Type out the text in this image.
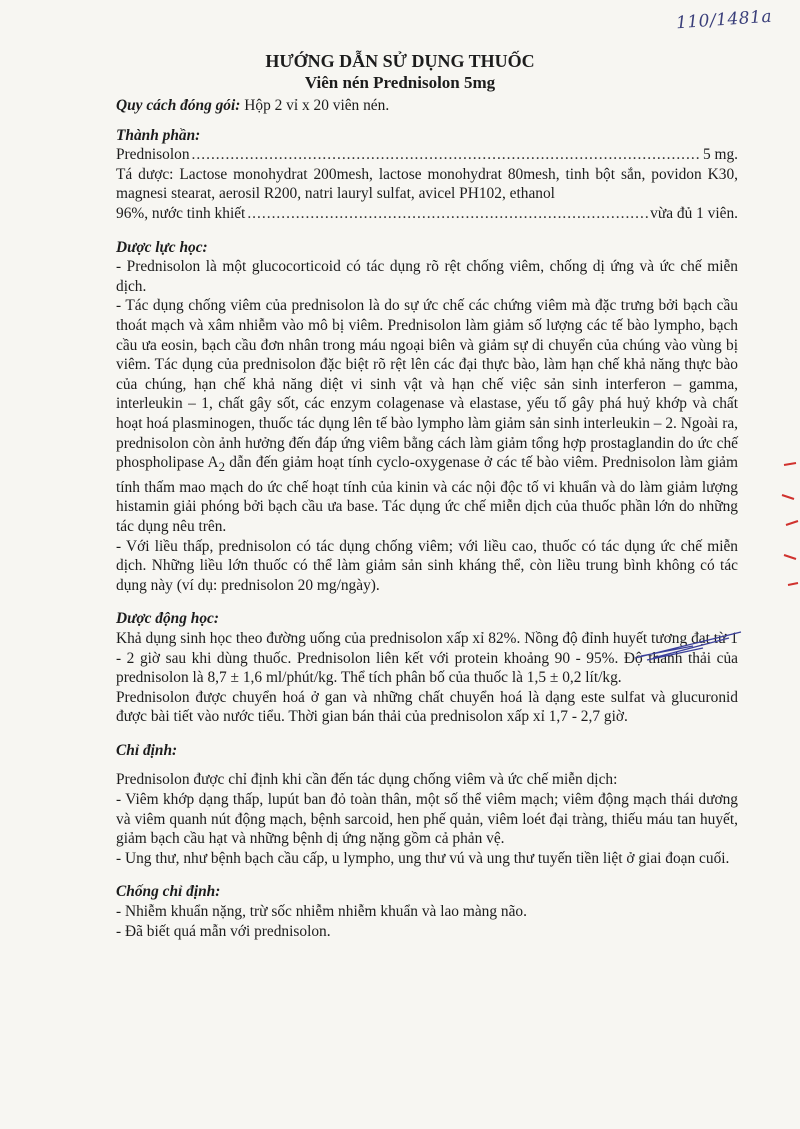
110/1481a
HƯỚNG DẪN SỬ DỤNG THUỐC
Viên nén Prednisolon 5mg

Quy cách đóng gói: Hộp 2 vỉ x 20 viên nén.

Thành phần:

Prednisolon .....	5 mg.

Tá dược: Lactose monohydrat 200mesh, lactose monohydrat 80mesh, tinh bột sắn, povidon K30, magnesi stearat, aerosil R200, natri lauryl sulfat, avicel PH102, ethanol

96%, nước tinh khiết .....	vừa đủ 1 viên.

Dược lực học:

- Prednisolon là một glucocorticoid có tác dụng rõ rệt chống viêm, chống dị ứng và ức chế miễn dịch.

- Tác dụng chống viêm của prednisolon là do sự ức chế các chứng viêm mà đặc trưng bởi bạch cầu thoát mạch và xâm nhiễm vào mô bị viêm. Prednisolon làm giảm số lượng các tế bào lympho, bạch cầu ưa eosin, bạch cầu đơn nhân trong máu ngoại biên và giảm sự di chuyển của chúng vào vùng bị viêm. Tác dụng của prednisolon đặc biệt rõ rệt lên các đại thực bào, làm hạn chế khả năng thực bào của chúng, hạn chế khả năng diệt vi sinh vật và hạn chế việc sản sinh interferon – gamma, interleukin – 1, chất gây sốt, các enzym colagenase và elastase, yếu tố gây phá huỷ khớp và chất hoạt hoá plasminogen, thuốc tác dụng lên tế bào lympho làm giảm sản sinh interleukin – 2. Ngoài ra, prednisolon còn ảnh hưởng đến đáp ứng viêm bằng cách làm giảm tổng hợp prostaglandin do ức chế phospholipase $A_2$ dẫn đến giảm hoạt tính cyclo-oxygenase ở các tế bào viêm. Prednisolon làm giảm tính thấm mao mạch do ức chế hoạt tính của kinin và các nội độc tố vi khuẩn và do làm giảm lượng histamin giải phóng bởi bạch cầu ưa base. Tác dụng ức chế miễn dịch của thuốc phần lớn do những tác dụng nêu trên.

- Với liều thấp, prednisolon có tác dụng chống viêm; với liều cao, thuốc có tác dụng ức chế miễn dịch. Những liều lớn thuốc có thể làm giảm sản sinh kháng thể, còn liều trung bình không có tác dụng này (ví dụ: prednisolon 20 mg/ngày).

Dược động học:

Khả dụng sinh học theo đường uống của prednisolon xấp xỉ 82%. Nồng độ đỉnh huyết tương đạt từ 1 - 2 giờ sau khi dùng thuốc. Prednisolon liên kết với protein khoảng 90 - 95%. Độ thanh thải của prednisolon là 8,7 ± 1,6 ml/phút/kg. Thể tích phân bố của thuốc là 1,5 ± 0,2 lít/kg.

Prednisolon được chuyển hoá ở gan và những chất chuyển hoá là dạng este sulfat và glucuronid được bài tiết vào nước tiểu. Thời gian bán thải của prednisolon xấp xỉ 1,7 - 2,7 giờ.

Chỉ định:

Prednisolon được chỉ định khi cần đến tác dụng chống viêm và ức chế miễn dịch:

- Viêm khớp dạng thấp, lupút ban đỏ toàn thân, một số thể viêm mạch; viêm động mạch thái dương và viêm quanh nút động mạch, bệnh sarcoid, hen phế quản, viêm loét đại tràng, thiếu máu tan huyết, giảm bạch cầu hạt và những bệnh dị ứng nặng gồm cả phản vệ.

- Ung thư, như bệnh bạch cầu cấp, u lympho, ung thư vú và ung thư tuyến tiền liệt ở giai đoạn cuối.

Chống chỉ định:

- Nhiễm khuẩn nặng, trừ sốc nhiễm nhiễm khuẩn và lao màng não.

- Đã biết quá mẫn với prednisolon.
